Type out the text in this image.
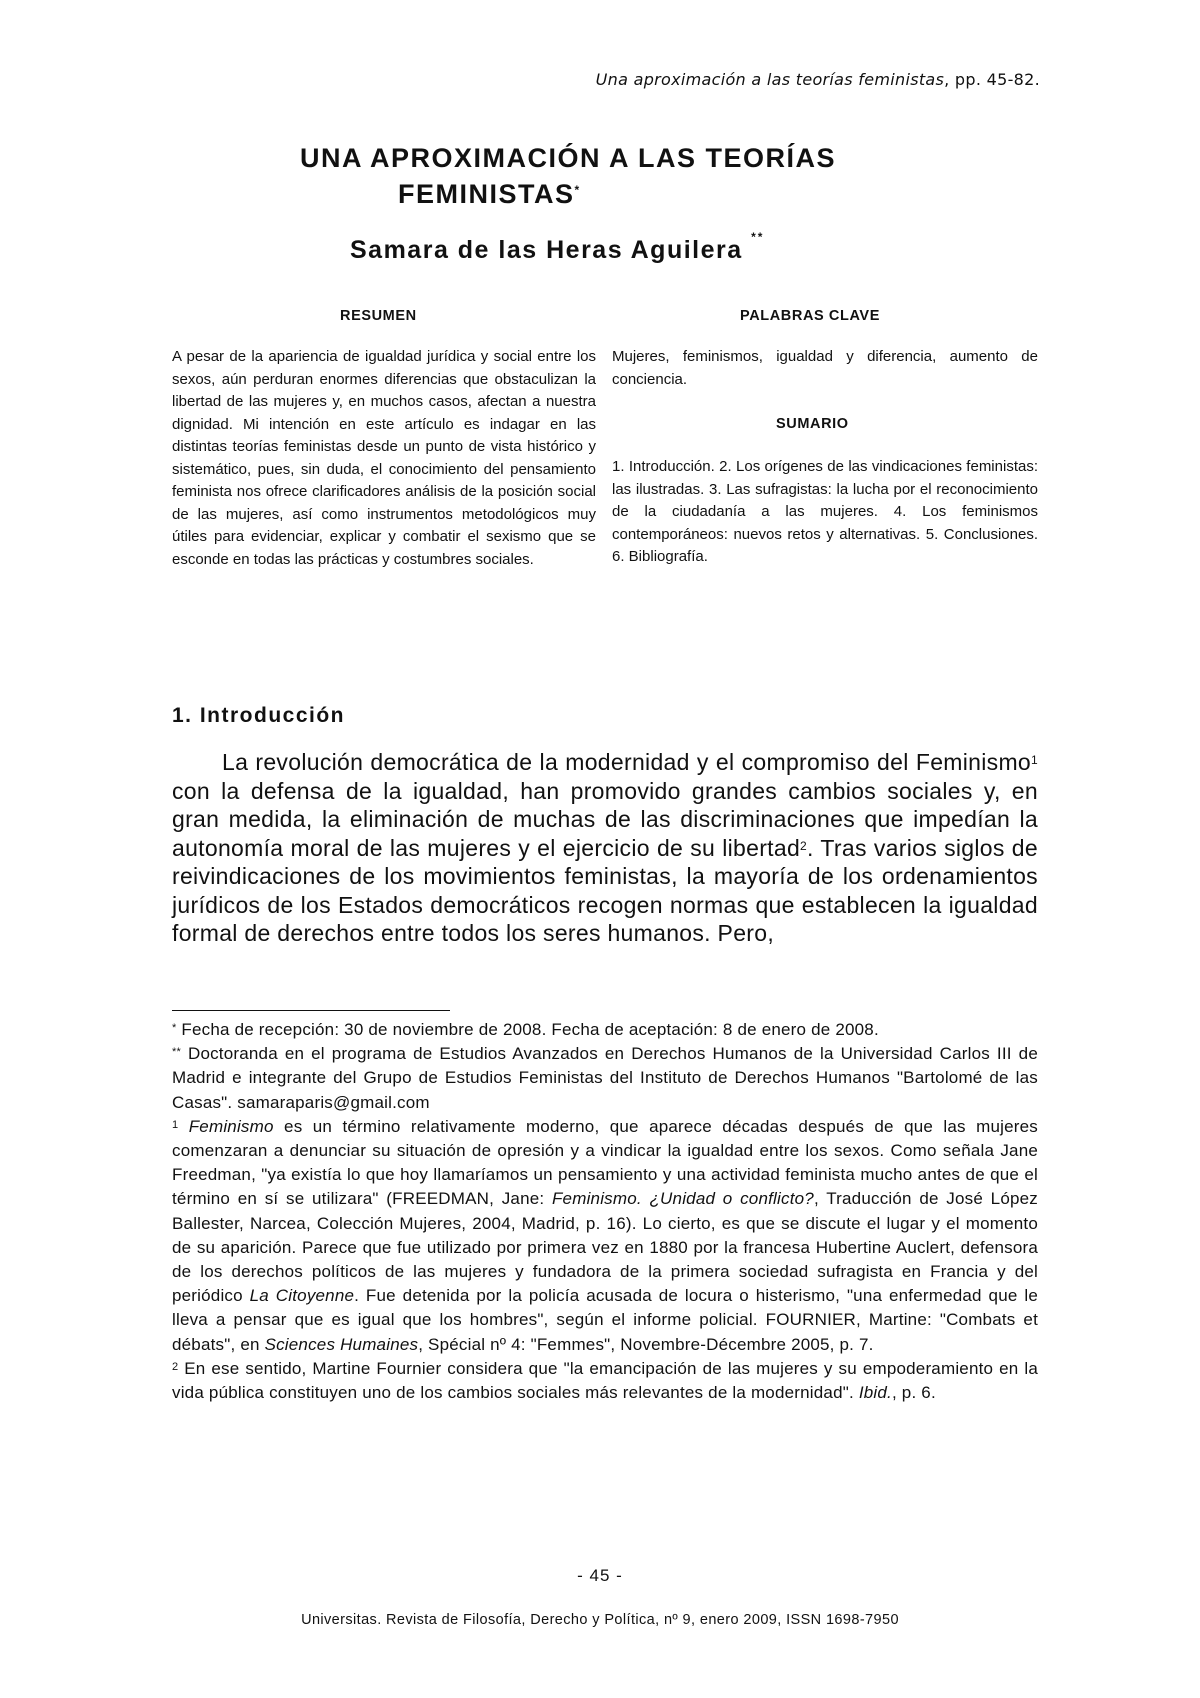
Una aproximación a las teorías feministas, pp. 45-82.
UNA APROXIMACIÓN A LAS TEORÍAS
FEMINISTAS*
Samara de las Heras Aguilera **
RESUMEN	PALABRAS CLAVE
A pesar de la apariencia de igualdad jurídica y social entre los sexos, aún perduran enormes diferencias que obstaculizan la libertad de las mujeres y, en muchos casos, afectan a nuestra dignidad. Mi intención en este artículo es indagar en las distintas teorías feministas desde un punto de vista histórico y sistemático, pues, sin duda, el conocimiento del pensamiento feminista nos ofrece clarificadores análisis de la posición social de las mujeres, así como instrumentos metodológicos muy útiles para evidenciar, explicar y combatir el sexismo que se esconde en todas las prácticas y costumbres sociales.
Mujeres, feminismos, igualdad y diferencia, aumento de conciencia.
SUMARIO
1. Introducción. 2. Los orígenes de las vindicaciones feministas: las ilustradas. 3. Las sufragistas: la lucha por el reconocimiento de la ciudadanía a las mujeres. 4. Los feminismos contemporáneos: nuevos retos y alternativas. 5. Conclusiones. 6. Bibliografía.
1. Introducción
La revolución democrática de la modernidad y el compromiso del Feminismo$^1$ con la defensa de la igualdad, han promovido grandes cambios sociales y, en gran medida, la eliminación de muchas de las discriminaciones que impedían la autonomía moral de las mujeres y el ejercicio de su libertad$^2$. Tras varios siglos de reivindicaciones de los movimientos feministas, la mayoría de los ordenamientos jurídicos de los Estados democráticos recogen normas que establecen la igualdad formal de derechos entre todos los seres humanos. Pero,

* Fecha de recepción: 30 de noviembre de 2008. Fecha de aceptación: 8 de enero de 2008.

** Doctoranda en el programa de Estudios Avanzados en Derechos Humanos de la Universidad Carlos III de Madrid e integrante del Grupo de Estudios Feministas del Instituto de Derechos Humanos "Bartolomé de las Casas". samaraparis@gmail.com

$^1$ Feminismo es un término relativamente moderno, que aparece décadas después de que las mujeres comenzaran a denunciar su situación de opresión y a vindicar la igualdad entre los sexos. Como señala Jane Freedman, "ya existía lo que hoy llamaríamos un pensamiento y una actividad feminista mucho antes de que el término en sí se utilizara" (FREEDMAN, Jane: Feminismo. ¿Unidad o conflicto?, Traducción de José López Ballester, Narcea, Colección Mujeres, 2004, Madrid, p. 16). Lo cierto, es que se discute el lugar y el momento de su aparición. Parece que fue utilizado por primera vez en 1880 por la francesa Hubertine Auclert, defensora de los derechos políticos de las mujeres y fundadora de la primera sociedad sufragista en Francia y del periódico La Citoyenne. Fue detenida por la policía acusada de locura o histerismo, "una enfermedad que le lleva a pensar que es igual que los hombres", según el informe policial. FOURNIER, Martine: "Combats et débats", en Sciences Humaines, Spécial nº 4: "Femmes", Novembre-Décembre 2005, p. 7.

$^2$ En ese sentido, Martine Fournier considera que "la emancipación de las mujeres y su empoderamiento en la vida pública constituyen uno de los cambios sociales más relevantes de la modernidad". Ibid., p. 6.

- 45 -
Universitas. Revista de Filosofía, Derecho y Política, nº 9, enero 2009, ISSN 1698-7950
